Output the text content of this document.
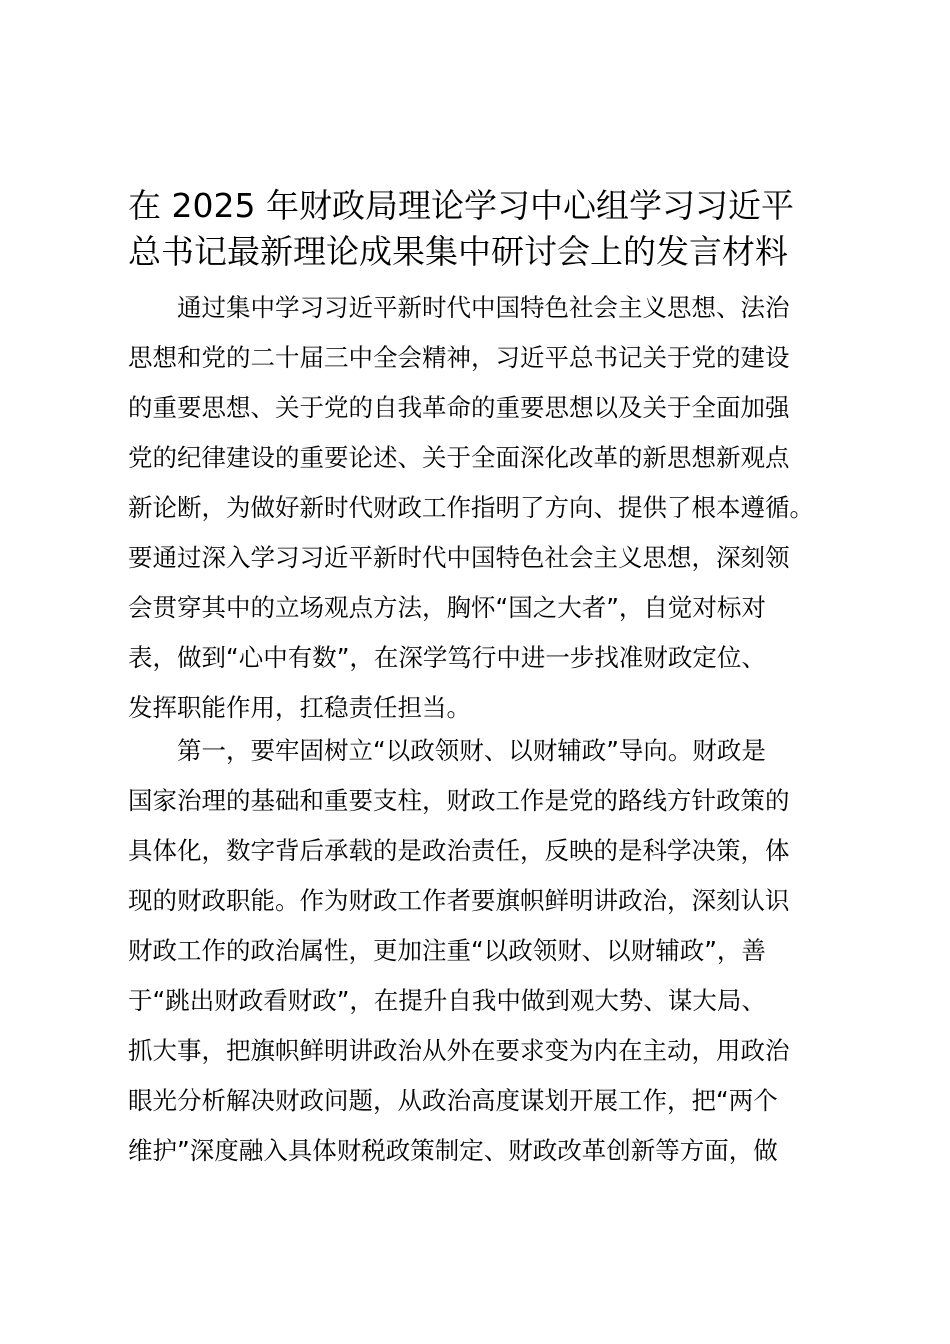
在 2025 年财政局理论学习中心组学习习近平
总书记最新理论成果集中研讨会上的发言材料
通过集中学习习近平新时代中国特色社会主义思想、法治
思想和党的二十届三中全会精神，习近平总书记关于党的建设
的重要思想、关于党的自我革命的重要思想以及关于全面加强
党的纪律建设的重要论述、关于全面深化改革的新思想新观点
新论断，为做好新时代财政工作指明了方向、提供了根本遵循。
要通过深入学习习近平新时代中国特色社会主义思想，深刻领
会贯穿其中的立场观点方法，胸怀“国之大者”，自觉对标对
表，做到“心中有数”，在深学笃行中进一步找准财政定位、
发挥职能作用，扛稳责任担当。
第一，要牢固树立“以政领财、以财辅政”导向。财政是
国家治理的基础和重要支柱，财政工作是党的路线方针政策的
具体化，数字背后承载的是政治责任，反映的是科学决策，体
现的财政职能。作为财政工作者要旗帜鲜明讲政治，深刻认识
财政工作的政治属性，更加注重“以政领财、以财辅政”，善
于“跳出财政看财政”，在提升自我中做到观大势、谋大局、
抓大事，把旗帜鲜明讲政治从外在要求变为内在主动，用政治
眼光分析解决财政问题，从政治高度谋划开展工作，把“两个
维护”深度融入具体财税政策制定、财政改革创新等方面，做
